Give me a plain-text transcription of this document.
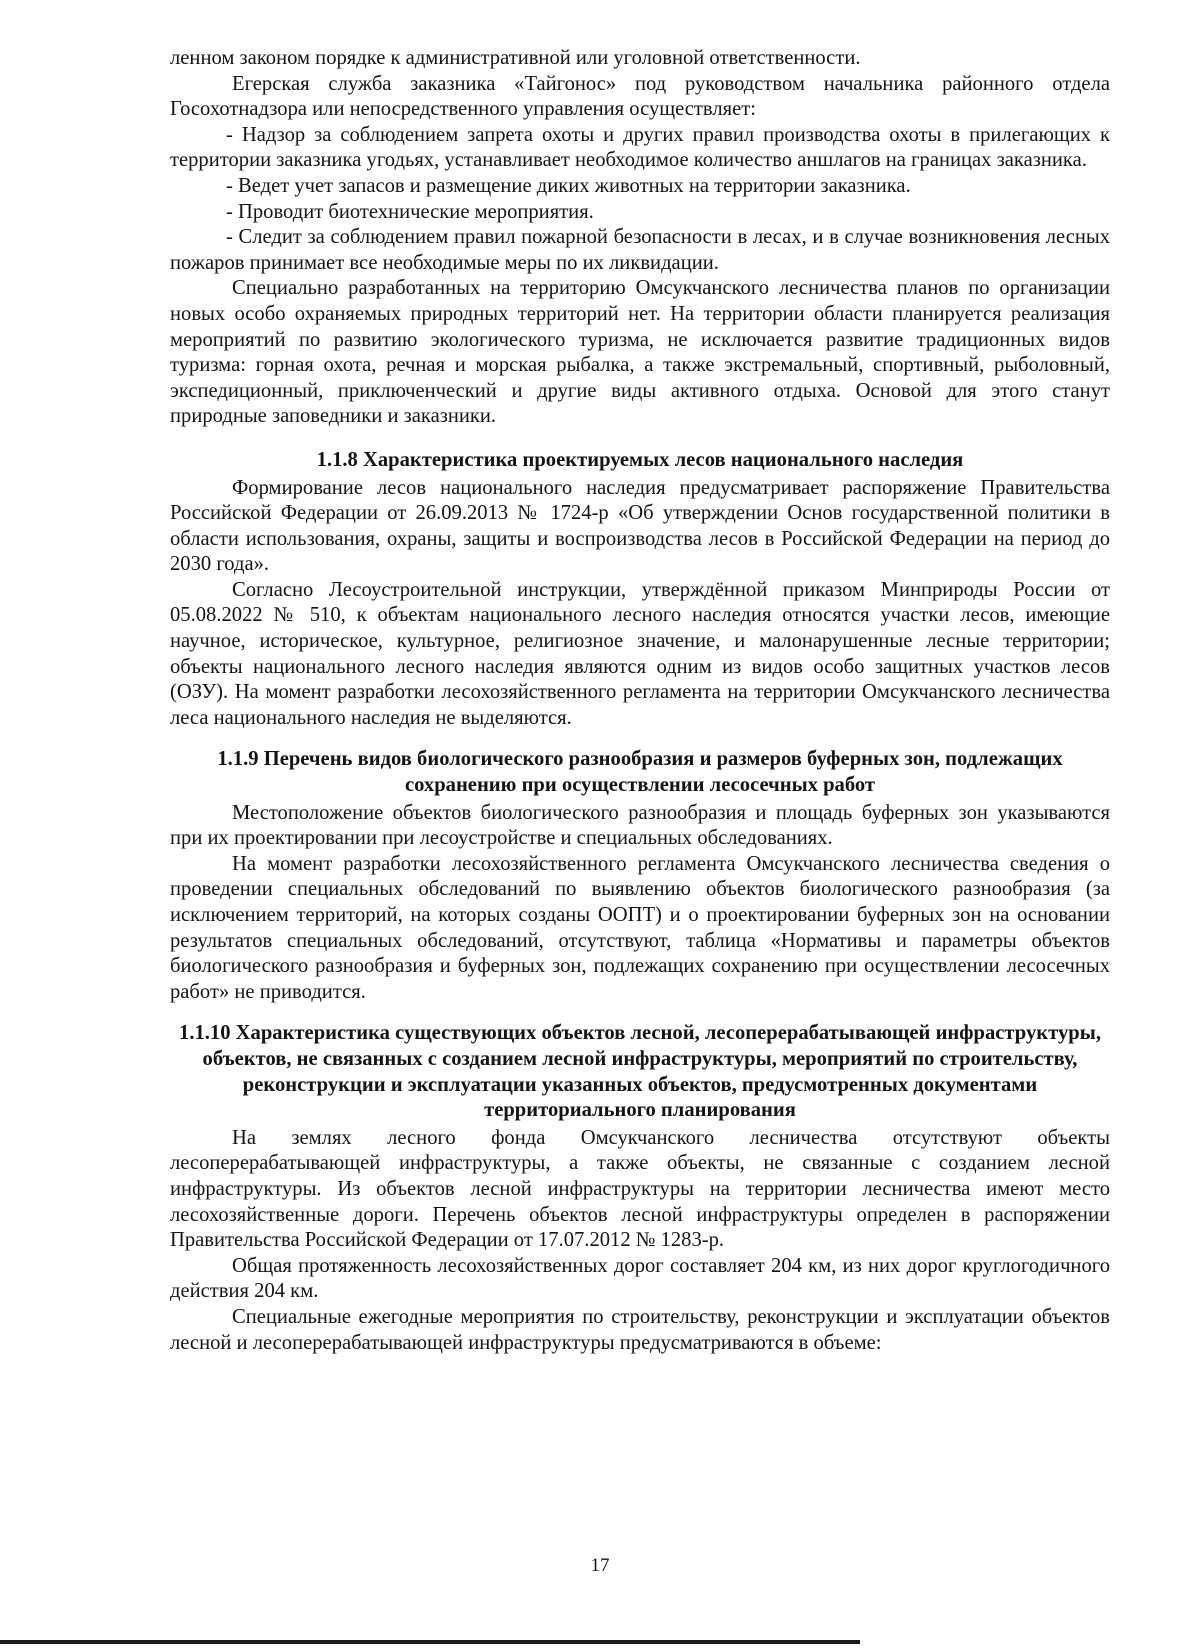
ленном законом порядке к административной или уголовной ответственности.

Егерская служба заказника «Тайгонос» под руководством начальника районного отдела Госохотнадзора или непосредственного управления осуществляет:

- Надзор за соблюдением запрета охоты и других правил производства охоты в прилегающих к территории заказника угодьях, устанавливает необходимое количество аншлагов на границах заказника.

- Ведет учет запасов и размещение диких животных на территории заказника.

- Проводит биотехнические мероприятия.

- Следит за соблюдением правил пожарной безопасности в лесах, и в случае возникновения лесных пожаров принимает все необходимые меры по их ликвидации.

Специально разработанных на территорию Омсукчанского лесничества планов по организации новых особо охраняемых природных территорий нет. На территории области планируется реализация мероприятий по развитию экологического туризма, не исключается развитие традиционных видов туризма: горная охота, речная и морская рыбалка, а также экстремальный, спортивный, рыболовный, экспедиционный, приключенческий и другие виды активного отдыха. Основой для этого станут природные заповедники и заказники.

1.1.8 Характеристика проектируемых лесов национального наследия

Формирование лесов национального наследия предусматривает распоряжение Правительства Российской Федерации от 26.09.2013 № 1724-р «Об утверждении Основ государственной политики в области использования, охраны, защиты и воспроизводства лесов в Российской Федерации на период до 2030 года».

Согласно Лесоустроительной инструкции, утверждённой приказом Минприроды России от 05.08.2022 № 510, к объектам национального лесного наследия относятся участки лесов, имеющие научное, историческое, культурное, религиозное значение, и малонарушенные лесные территории; объекты национального лесного наследия являются одним из видов особо защитных участков лесов (ОЗУ). На момент разработки лесохозяйственного регламента на территории Омсукчанского лесничества леса национального наследия не выделяются.

1.1.9 Перечень видов биологического разнообразия и размеров буферных зон, подлежащих сохранению при осуществлении лесосечных работ

Местоположение объектов биологического разнообразия и площадь буферных зон указываются при их проектировании при лесоустройстве и специальных обследованиях.

На момент разработки лесохозяйственного регламента Омсукчанского лесничества сведения о проведении специальных обследований по выявлению объектов биологического разнообразия (за исключением территорий, на которых созданы ООПТ) и о проектировании буферных зон на основании результатов специальных обследований, отсутствуют, таблица «Нормативы и параметры объектов биологического разнообразия и буферных зон, подлежащих сохранению при осуществлении лесосечных работ» не приводится.

1.1.10 Характеристика существующих объектов лесной, лесоперерабатывающей инфраструктуры, объектов, не связанных с созданием лесной инфраструктуры, мероприятий по строительству, реконструкции и эксплуатации указанных объектов, предусмотренных документами территориального планирования

На землях лесного фонда Омсукчанского лесничества отсутствуют объекты лесоперерабатывающей инфраструктуры, а также объекты, не связанные с созданием лесной инфраструктуры. Из объектов лесной инфраструктуры на территории лесничества имеют место лесохозяйственные дороги. Перечень объектов лесной инфраструктуры определен в распоряжении Правительства Российской Федерации от 17.07.2012 № 1283-р.

Общая протяженность лесохозяйственных дорог составляет 204 км, из них дорог круглогодичного действия 204 км.

Специальные ежегодные мероприятия по строительству, реконструкции и эксплуатации объектов лесной и лесоперерабатывающей инфраструктуры предусматриваются в объеме:

17
